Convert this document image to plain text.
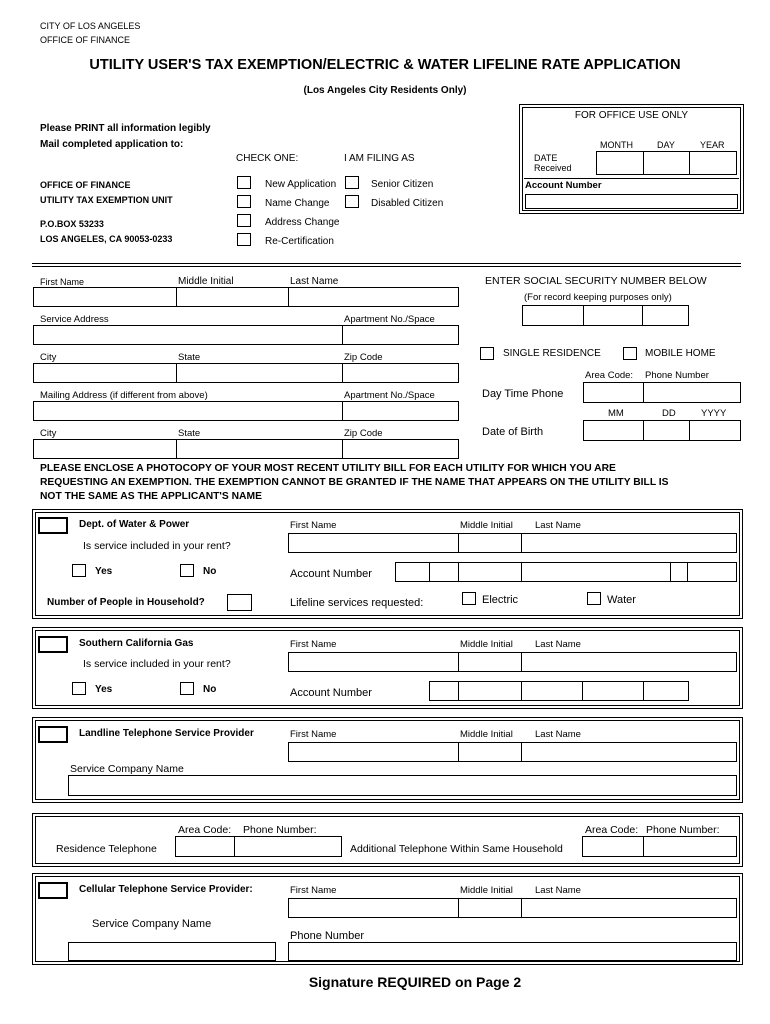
CITY OF LOS ANGELES
OFFICE OF FINANCE
UTILITY USER'S TAX EXEMPTION/ELECTRIC & WATER LIFELINE RATE APPLICATION
(Los Angeles City Residents Only)
Please PRINT all information legibly
Mail completed application to:
OFFICE OF FINANCE
UTILITY TAX EXEMPTION UNIT
P.O.BOX 53233
LOS ANGELES, CA 90053-0233
CHECK ONE:
New Application
Name Change
Address Change
Re-Certification
I AM FILING AS
Senior Citizen
Disabled Citizen
FOR OFFICE USE ONLY
MONTH	DAY	YEAR
DATE
Received
Account Number
First Name	Middle Initial	Last Name
Service Address	Apartment No./Space
City	State	Zip Code
Mailing Address (if different from above)	Apartment No./Space
City	State	Zip Code
ENTER SOCIAL SECURITY NUMBER BELOW
(For record keeping purposes only)
SINGLE RESIDENCE	MOBILE HOME
Area Code: Phone Number
Day Time Phone
MM	DD	YYYY
Date of Birth
PLEASE ENCLOSE A PHOTOCOPY OF YOUR MOST RECENT UTILITY BILL FOR EACH UTILITY FOR WHICH YOU ARE
REQUESTING AN EXEMPTION. THE EXEMPTION CANNOT BE GRANTED IF THE NAME THAT APPEARS ON THE UTILITY BILL IS
NOT THE SAME AS THE APPLICANT'S NAME
Dept. of Water & Power
Is service included in your rent?
Yes	No
Number of People in Household?
First Name	Middle Initial Last Name
Account Number
Lifeline services requested:	Electric	Water
Southern California Gas
Is service included in your rent?
Yes	No
First Name	Middle Initial Last Name
Account Number
Landline Telephone Service Provider	First Name	Middle Initial Last Name
Service Company Name
Area Code: Phone Number:
Residence Telephone	Additional Telephone Within Same Household
Area Code: Phone Number:
Cellular Telephone Service Provider:	First Name	Middle Initial Last Name
Service Company Name
Phone Number
Signature REQUIRED on Page 2
